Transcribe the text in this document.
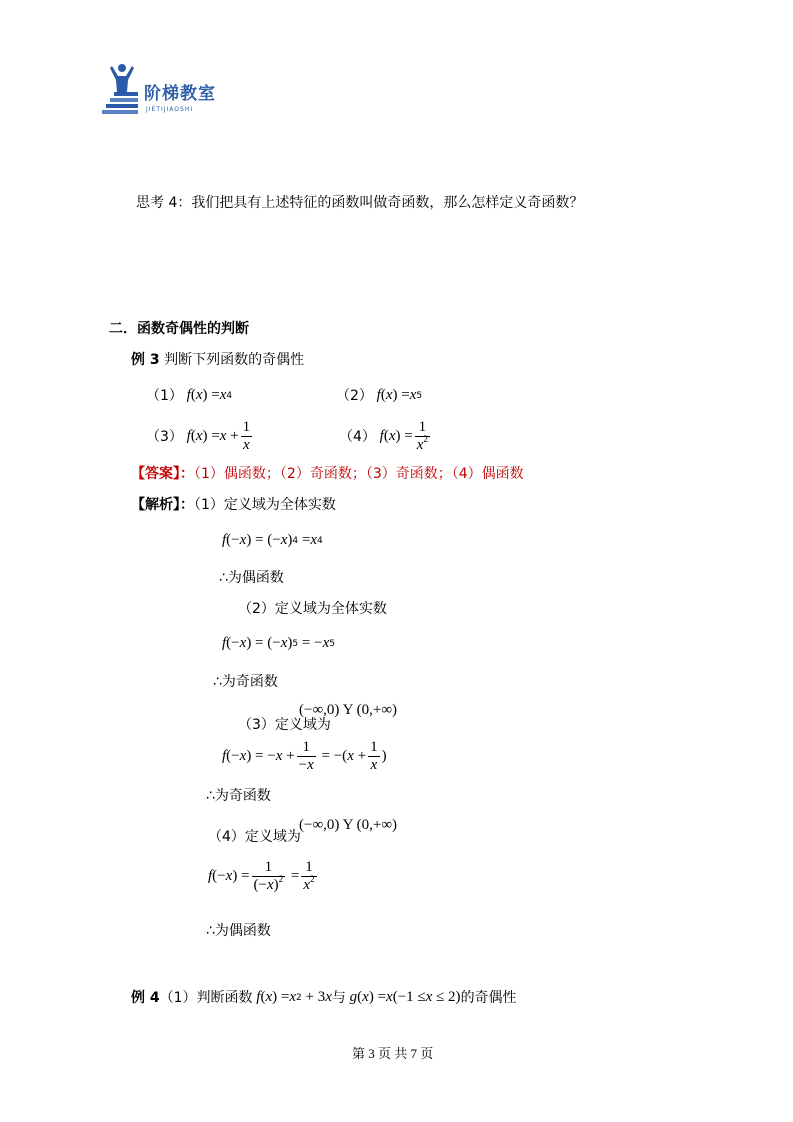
阶梯教室
JIETIJIAOSHI
思考 4：我们把具有上述特征的函数叫做奇函数，那么怎样定义奇函数？
二．函数奇偶性的判断
例 3 判断下列函数的奇偶性
（1） f ( x ) = x 4	（2） f ( x ) = x 5
（3） f ( x ) = $x + \frac{1}{x}$	（4） f ( x ) = $\frac{1}{x^2}$
【答案】：（1）偶函数；（2）奇函数；（3）奇函数；（4）偶函数
【解析】：（1）定义域为全体实数
f (− x ) = (− x ) 4 = x 4
∴为偶函数
（2）定义域为全体实数
f (− x ) = (− x ) 5 = − x 5
∴为奇函数
(−∞,0) Υ (0,+∞)
（3）定义域为
f (− x ) = − $x + \frac{1}{-x}$ = −( $x + \frac{1}{x}$ )
∴为奇函数
(−∞,0) Υ (0,+∞)
（4）定义域为
f (− x ) = $\frac{1}{(-x)^2} = \frac{1}{x^2}$
∴为偶函数
例 4 （1）判断函数 f ( x ) = x 2 + 3 x 与 g ( x ) = x (−1 ≤ x ≤ 2) 的奇偶性
第 3 页 共 7 页
